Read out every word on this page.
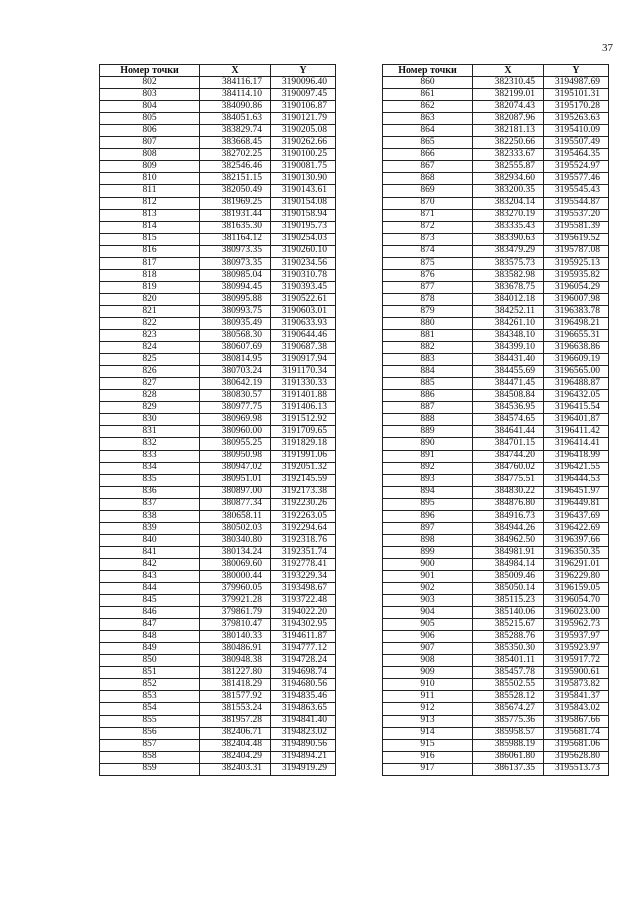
37
Номер точки	X	Y
802	384116.17	3190096.40
803	384114.10	3190097.45
804	384090.86	3190106.87
805	384051.63	3190121.79
806	383829.74	3190205.08
807	383668.45	3190262.66
808	382702.25	3190100.25
809	382546.46	3190081.75
810	382151.15	3190130.90
811	382050.49	3190143.61
812	381969.25	3190154.08
813	381931.44	3190158.94
814	381635.30	3190195.73
815	381164.12	3190254.03
816	380973.35	3190260.10
817	380973.35	3190234.56
818	380985.04	3190310.78
819	380994.45	3190393.45
820	380995.88	3190522.61
821	380993.75	3190603.01
822	380935.49	3190633.93
823	380568.30	3190644.46
824	380607.69	3190687.38
825	380814.95	3190917.94
826	380703.24	3191170.34
827	380642.19	3191330.33
828	380830.57	3191401.88
829	380977.75	3191406.13
830	380969.98	3191512.92
831	380960.00	3191709.65
832	380955.25	3191829.18
833	380950.98	3191991.06
834	380947.02	3192051.32
835	380951.01	3192145.59
836	380897.00	3192173.38
837	380877.34	3192230.26
838	380658.11	3192263.05
839	380502.03	3192294.64
840	380340.80	3192318.76
841	380134.24	3192351.74
842	380069.60	3192778.41
843	380000.44	3193229.34
844	379960.05	3193498.67
845	379921.28	3193722.48
846	379861.79	3194022.20
847	379810.47	3194302.95
848	380140.33	3194611.87
849	380486.91	3194777.12
850	380948.38	3194728.24
851	381227.80	3194698.74
852	381418.29	3194680.56
853	381577.92	3194835.46
854	381553.24	3194863.65
855	381957.28	3194841.40
856	382406.71	3194823.02
857	382404.48	3194890.56
858	382404.29	3194894.21
859	382403.31	3194919.29
Номер точки	X	Y
860	382310.45	3194987.69
861	382199.01	3195101.31
862	382074.43	3195170.28
863	382087.96	3195263.63
864	382181.13	3195410.09
865	382250.66	3195507.49
866	382333.67	3195464.35
867	382555.87	3195524.97
868	382934.60	3195577.46
869	383200.35	3195545.43
870	383204.14	3195544.87
871	383270.19	3195537.20
872	383335.43	3195581.39
873	383390.63	3195619.52
874	383479.29	3195787.08
875	383575.73	3195925.13
876	383582.98	3195935.82
877	383678.75	3196054.29
878	384012.18	3196007.98
879	384252.11	3196383.78
880	384261.10	3196498.21
881	384348.10	3196655.31
882	384399.10	3196638.86
883	384431.40	3196609.19
884	384455.69	3196565.00
885	384471.45	3196488.87
886	384508.84	3196432.05
887	384536.95	3196415.54
888	384574.65	3196401.87
889	384641.44	3196411.42
890	384701.15	3196414.41
891	384744.20	3196418.99
892	384760.02	3196421.55
893	384775.51	3196444.53
894	384830.22	3196451.97
895	384876.80	3196449.81
896	384916.73	3196437.69
897	384944.26	3196422.69
898	384962.50	3196397.66
899	384981.91	3196350.35
900	384984.14	3196291.01
901	385009.46	3196229.80
902	385050.14	3196159.05
903	385115.23	3196054.70
904	385140.06	3196023.00
905	385215.67	3195962.73
906	385288.76	3195937.97
907	385350.30	3195923.97
908	385401.11	3195917.72
909	385457.78	3195900.61
910	385502.55	3195873.82
911	385528.12	3195841.37
912	385674.27	3195843.02
913	385775.36	3195867.66
914	385958.57	3195681.74
915	385988.19	3195681.06
916	386061.80	3195628.80
917	386137.35	3195513.73
